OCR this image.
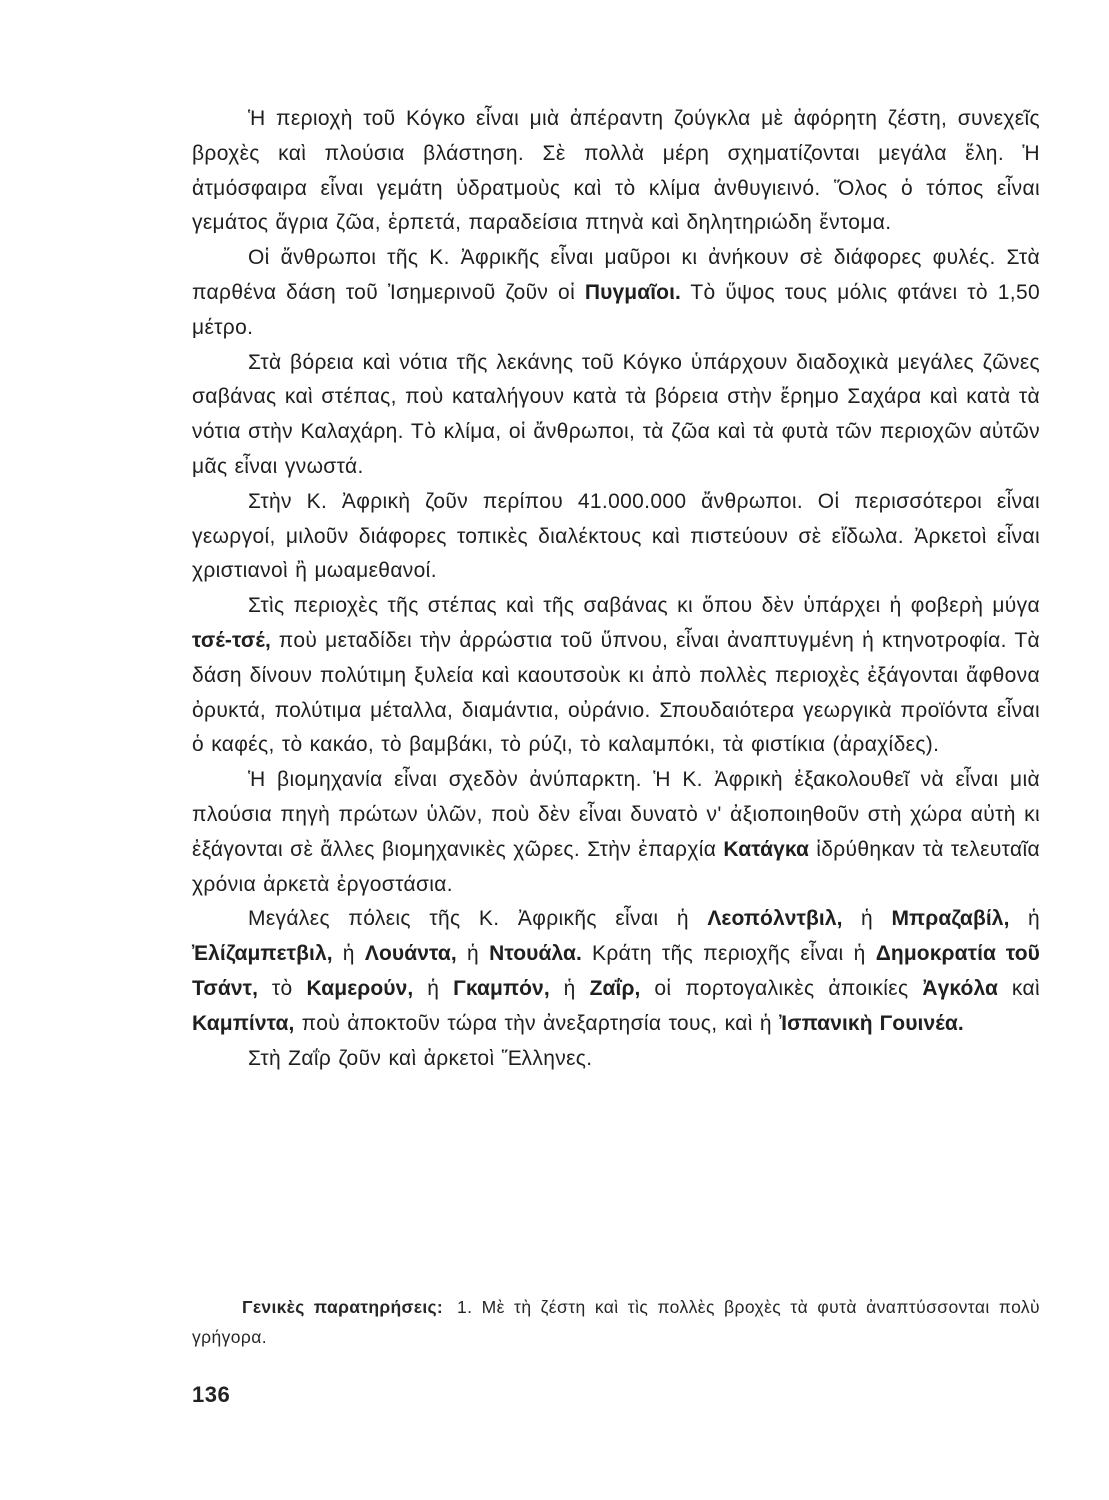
Ἡ περιοχὴ τοῦ Κόγκο εἶναι μιὰ ἀπέραντη ζούγκλα μὲ ἀφόρητη ζέστη, συνεχεῖς βροχὲς καὶ πλούσια βλάστηση. Σὲ πολλὰ μέρη σχηματίζονται μεγάλα ἕλη. Ἡ ἀτμόσφαιρα εἶναι γεμάτη ὑδρατμοὺς καὶ τὸ κλίμα ἀνθυγιεινό. Ὅλος ὁ τόπος εἶναι γεμάτος ἄγρια ζῶα, ἑρπετά, παραδείσια πτηνὰ καὶ δηλητηριώδη ἔντομα.

Οἱ ἄνθρωποι τῆς Κ. Ἀφρικῆς εἶναι μαῦροι κι ἀνήκουν σὲ διάφορες φυλές. Στὰ παρθένα δάση τοῦ Ἰσημερινοῦ ζοῦν οἱ Πυγμαῖοι. Τὸ ὕψος τους μόλις φτάνει τὸ 1,50 μέτρο.

Στὰ βόρεια καὶ νότια τῆς λεκάνης τοῦ Κόγκο ὑπάρχουν διαδοχικὰ μεγάλες ζῶνες σαβάνας καὶ στέπας, ποὺ καταλήγουν κατὰ τὰ βόρεια στὴν ἔρημο Σαχάρα καὶ κατὰ τὰ νότια στὴν Καλαχάρη. Τὸ κλίμα, οἱ ἄνθρωποι, τὰ ζῶα καὶ τὰ φυτὰ τῶν περιοχῶν αὐτῶν μᾶς εἶναι γνωστά.

Στὴν Κ. Ἀφρικὴ ζοῦν περίπου 41.000.000 ἄνθρωποι. Οἱ περισσότεροι εἶναι γεωργοί, μιλοῦν διάφορες τοπικὲς διαλέκτους καὶ πιστεύουν σὲ εἴδωλα. Ἀρκετοὶ εἶναι χριστιανοὶ ἢ μωαμεθανοί.

Στὶς περιοχὲς τῆς στέπας καὶ τῆς σαβάνας κι ὅπου δὲν ὑπάρχει ἡ φοβερὴ μύγα τσέ-τσέ, ποὺ μεταδίδει τὴν ἀρρώστια τοῦ ὕπνου, εἶναι ἀναπτυγμένη ἡ κτηνοτροφία. Τὰ δάση δίνουν πολύτιμη ξυλεία καὶ καουτσοὺκ κι ἀπὸ πολλὲς περιοχὲς ἐξάγονται ἄφθονα ὀρυκτά, πολύτιμα μέταλλα, διαμάντια, οὐράνιο. Σπουδαιότερα γεωργικὰ προϊόντα εἶναι ὁ καφές, τὸ κακάο, τὸ βαμβάκι, τὸ ρύζι, τὸ καλαμπόκι, τὰ φιστίκια (ἀραχίδες).

Ἡ βιομηχανία εἶναι σχεδὸν ἀνύπαρκτη. Ἡ Κ. Ἀφρικὴ ἐξακολουθεῖ νὰ εἶναι μιὰ πλούσια πηγὴ πρώτων ὑλῶν, ποὺ δὲν εἶναι δυνατὸ ν' ἀξιοποιηθοῦν στὴ χώρα αὐτὴ κι ἐξάγονται σὲ ἄλλες βιομηχανικὲς χῶρες. Στὴν ἐπαρχία Κατάγκα ἱδρύθηκαν τὰ τελευταῖα χρόνια ἀρκετὰ ἐργοστάσια.

Μεγάλες πόλεις τῆς Κ. Ἀφρικῆς εἶναι ἡ Λεοπόλντβιλ, ἡ Μπραζαβίλ, ἡ Ἐλίζαμπετβιλ, ἡ Λουάντα, ἡ Ντουάλα. Κράτη τῆς περιοχῆς εἶναι ἡ Δημοκρατία τοῦ Τσάντ, τὸ Καμερούν, ἡ Γκαμπόν, ἡ Ζαΐρ, οἱ πορτογαλικὲς ἀποικίες Ἀγκόλα καὶ Καμπίντα, ποὺ ἀποκτοῦν τώρα τὴν ἀνεξαρτησία τους, καὶ ἡ Ἰσπανικὴ Γουινέα.

Στὴ Ζαΐρ ζοῦν καὶ ἀρκετοὶ Ἕλληνες.

Γενικὲς παρατηρήσεις: 1. Μὲ τὴ ζέστη καὶ τὶς πολλὲς βροχὲς τὰ φυτὰ ἀναπτύσσονται πολὺ γρήγορα.
136
